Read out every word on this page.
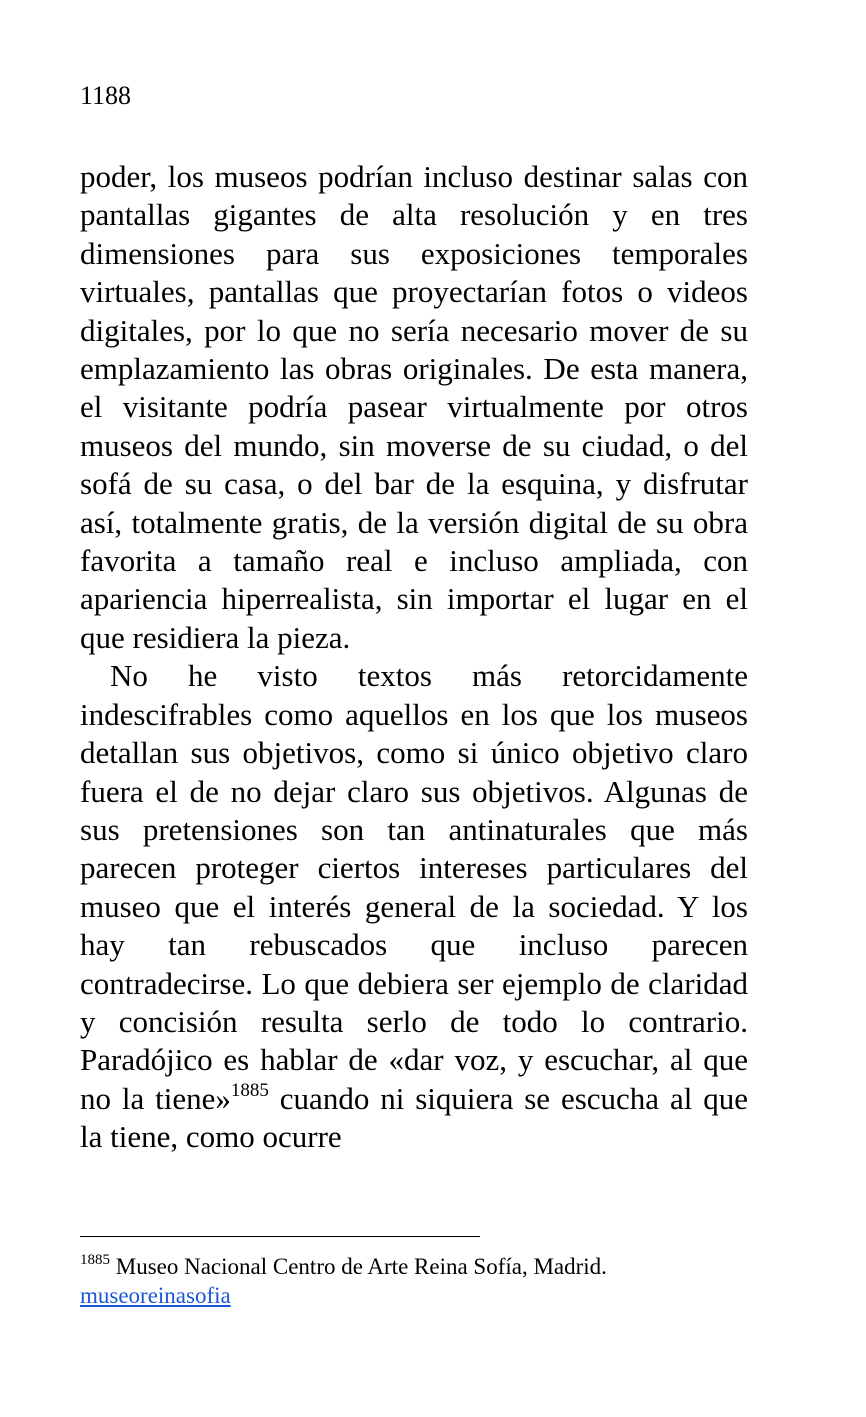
1188

poder, los museos podrían incluso destinar salas con pantallas gigantes de alta resolución y en tres dimensiones para sus exposiciones temporales virtuales, pantallas que proyectarían fotos o videos digitales, por lo que no sería necesario mover de su emplazamiento las obras originales. De esta manera, el visitante podría pasear virtualmente por otros museos del mundo, sin moverse de su ciudad, o del sofá de su casa, o del bar de la esquina, y disfrutar así, totalmente gratis, de la versión digital de su obra favorita a tamaño real e incluso ampliada, con apariencia hiperrealista, sin importar el lugar en el que residiera la pieza.

No he visto textos más retorcidamente indescifrables como aquellos en los que los museos detallan sus objetivos, como si único objetivo claro fuera el de no dejar claro sus objetivos. Algunas de sus pretensiones son tan antinaturales que más parecen proteger ciertos intereses particulares del museo que el interés general de la sociedad. Y los hay tan rebuscados que incluso parecen contradecirse. Lo que debiera ser ejemplo de claridad y concisión resulta serlo de todo lo contrario. Paradójico es hablar de «dar voz, y escuchar, al que no la tiene»$^{1885}$ cuando ni siquiera se escucha al que la tiene, como ocurre

$^{1885}$ Museo Nacional Centro de Arte Reina Sofía, Madrid.
museoreinasofia
